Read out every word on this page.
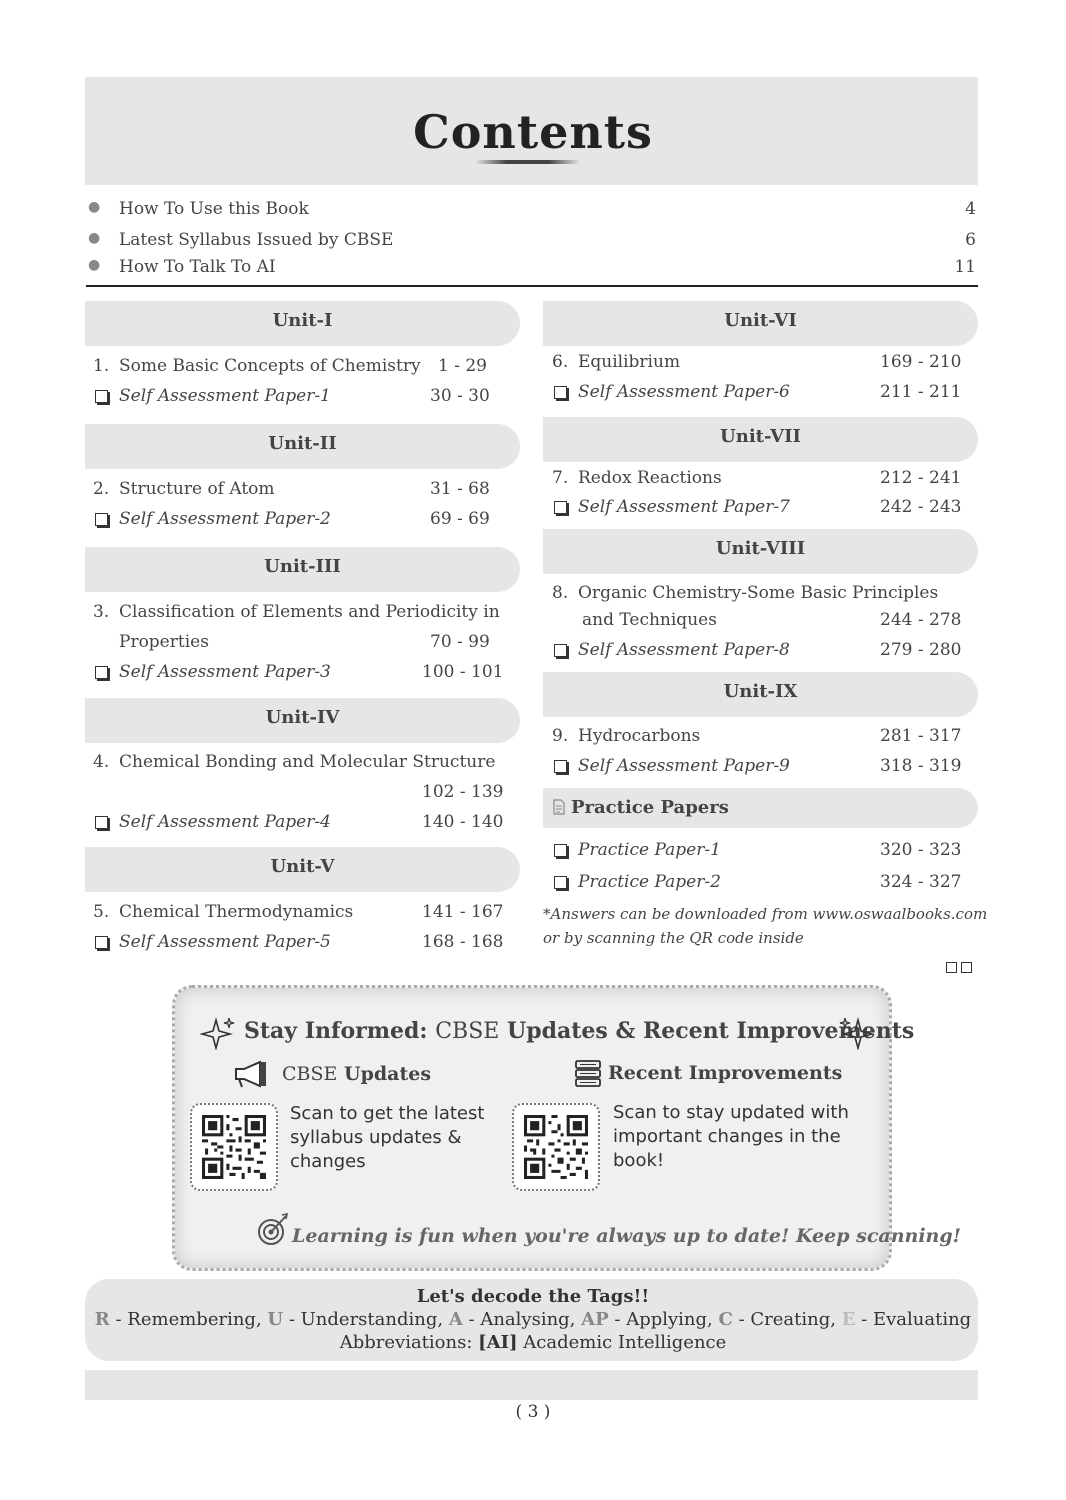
Contents
● How To Use this Book	4
● Latest Syllabus Issued by CBSE	6
● How To Talk To AI	11
Unit-I
1. Some Basic Concepts of Chemistry 1 - 29
Self Assessment Paper-1	30 - 30
Unit-II
2. Structure of Atom	31 - 68
Self Assessment Paper-2	69 - 69
Unit-III
3. Classification of Elements and Periodicity in
Properties	70 - 99
Self Assessment Paper-3	100 - 101
Unit-IV
4. Chemical Bonding and Molecular Structure
102 - 139
Self Assessment Paper-4	140 - 140
Unit-V
5. Chemical Thermodynamics	141 - 167
Self Assessment Paper-5	168 - 168
Unit-VI
6. Equilibrium	169 - 210
Self Assessment Paper-6	211 - 211
Unit-VII
7. Redox Reactions	212 - 241
Self Assessment Paper-7	242 - 243
Unit-VIII
8. Organic Chemistry-Some Basic Principles
and Techniques	244 - 278
Self Assessment Paper-8	279 - 280
Unit-IX
9. Hydrocarbons	281 - 317
Self Assessment Paper-9	318 - 319
Practice Papers
Practice Paper-1	320 - 323
Practice Paper-2	324 - 327
*Answers can be downloaded from www.oswaalbooks.com
or by scanning the QR code inside
Stay Informed: CBSE Updates & Recent Improvements
CBSE Updates	Recent Improvements
Scan to get the latest
syllabus updates &
changes
Scan to stay updated with
important changes in the
book!
Learning is fun when you're always up to date! Keep scanning!
Let's decode the Tags!!
R - Remembering, U - Understanding, A - Analysing, AP - Applying, C - Creating, E - Evaluating
Abbreviations: [AI] Academic Intelligence
( 3 )
